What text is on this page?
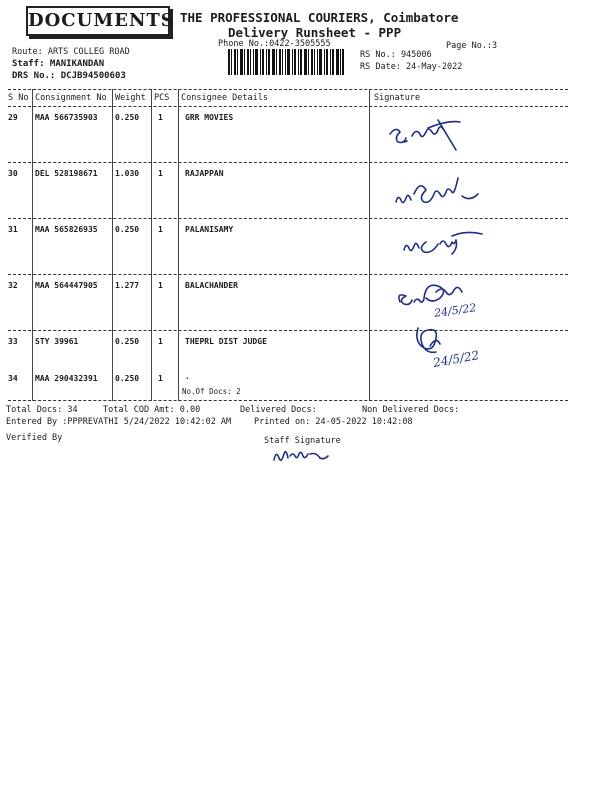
DOCUMENTS THE PROFESSIONAL COURIERS, Coimbatore
Delivery Runsheet - PPP
Phone No.:0422-3505555	Page No.:3
Route: ARTS COLLEG ROAD
Staff: MANIKANDAN
DRS No.: DCJB94500603
RS No.: 945006
RS Date: 24-May-2022
S No Consignment No Weight PCS Consignee Details	Signature
29 MAA 566735903 0.250 1	GRR MOVIES
30 DEL 528198671 1.030 1	RAJAPPAN
31 MAA 565826935 0.250 1	PALANISAMY
32 MAA 564447905 1.277 1	BALACHANDER
33 STY 39961	0.250 1	THEPRL DIST JUDGE
34 MAA 290432391 0.250 1	.
No.Of Docs: 2
24/5/22
24/5/22
Total Docs: 34	Total COD Amt: 0.00	Delivered Docs:	Non Delivered Docs:
Entered By :PPPREVATHI 5/24/2022 10:42:02 AM	Printed on: 24-05-2022 10:42:08
Verified By	Staff Signature
